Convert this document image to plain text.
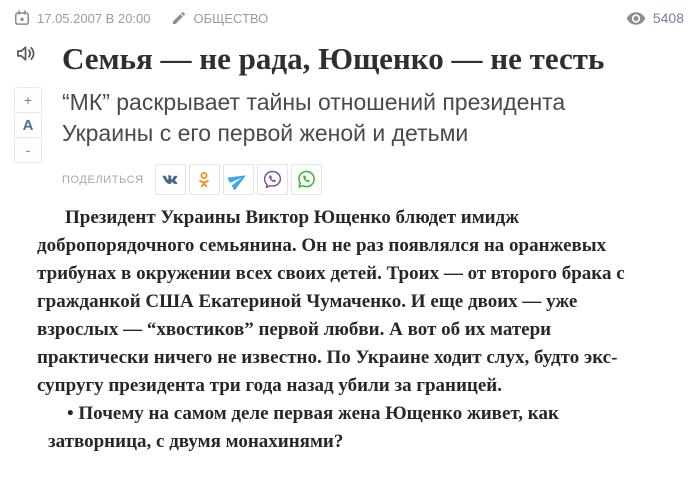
17.05.2007 В 20:00	ОБЩЕСТВО	5408
+
A
-
Семья — не рада, Ющенко — не тесть
“МК” раскрывает тайны отношений президента Украины с его первой женой и детьми
ПОДЕЛИТЬСЯ

Президент Украины Виктор Ющенко блюдет имидж добропорядочного семьянина. Он не раз появлялся на оранжевых трибунах в окружении всех своих детей. Троих — от второго брака с гражданкой США Екатериной Чумаченко. И еще двоих — уже взрослых — “хвостиков” первой любви. А вот об их матери практически ничего не известно. По Украине ходит слух, будто экс-супругу президента три года назад убили за границей.

• Почему на самом деле первая жена Ющенко живет, как затворница, с двумя монахинями?
